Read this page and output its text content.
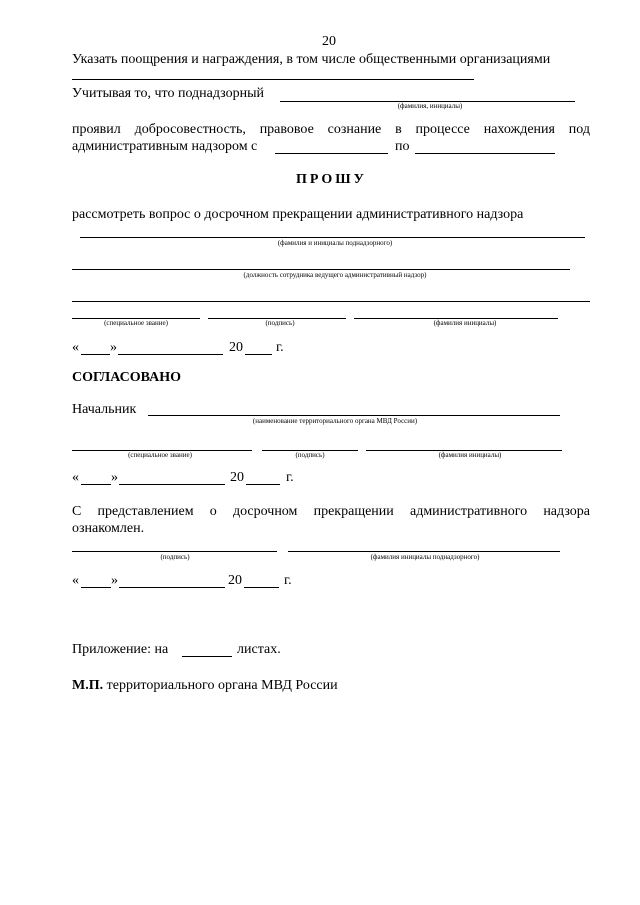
20
Указать поощрения и награждения, в том числе общественными организациями
Учитывая то, что поднадзорный
(фамилия, инициалы)
проявил добросовестность, правовое сознание в процессе нахождения под
административным надзором с	по
ПРОШУ
рассмотреть вопрос о досрочном прекращении административного надзора
(фамилия и инициалы поднадзорного)
(должность сотрудника ведущего административный надзор)
(специальное звание)	(подпись)	(фамилия инициалы)
« »	20 г.
СОГЛАСОВАНО
Начальник
(наименование территориального органа МВД России)
(специальное звание)	(подпись)	(фамилия инициалы)
« »	20	г.
С представлением о досрочном прекращении административного надзора
ознакомлен.
(подпись)	(фамилия инициалы поднадзорного)
« »	20	г.
Приложение: на	листах.
М.П. территориального органа МВД России
